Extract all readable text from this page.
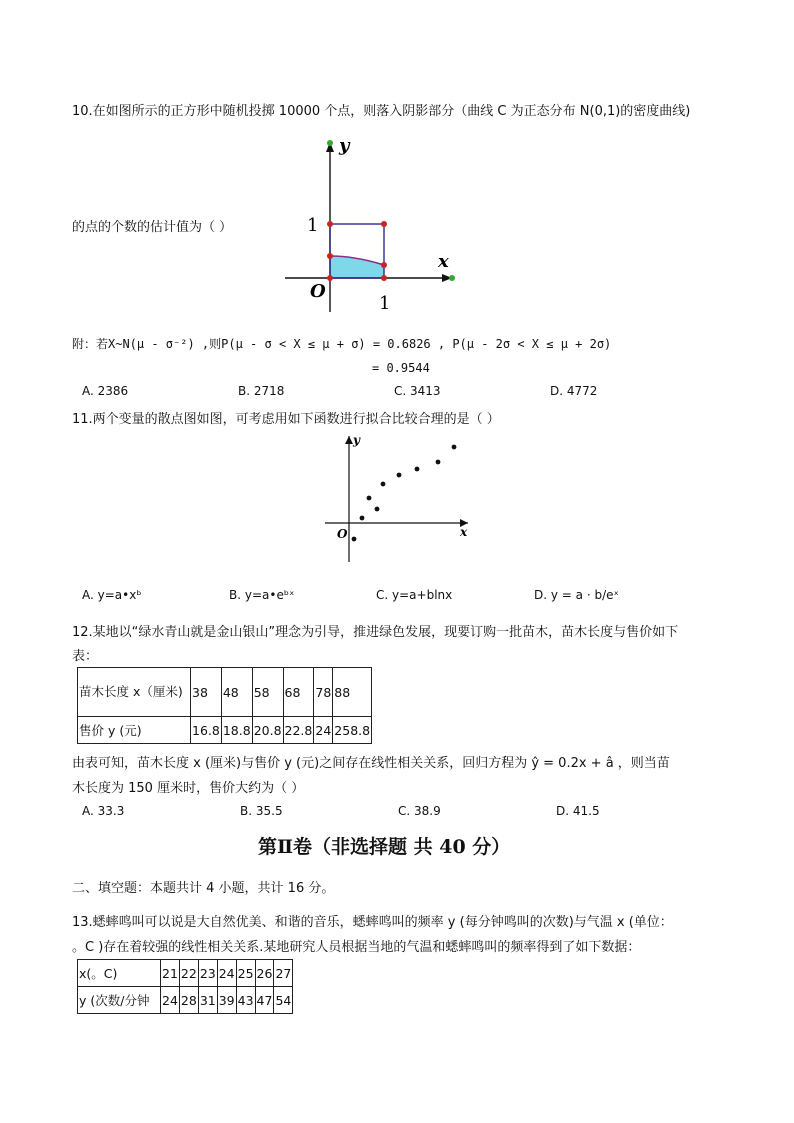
10.在如图所示的正方形中随机投掷 10000 个点，则落入阴影部分（曲线 C 为正态分布 N(0,1)的密度曲线)
y
x
O
1
1
的点的个数的估计值为（ ）
附：若X~N(μ - σ⁻²) ,则P(μ - σ < X ≤ μ + σ) = 0.6826 , P(μ - 2σ < X ≤ μ + 2σ)
= 0.9544
A. 2386	B. 2718	C. 3413	D. 4772
11.两个变量的散点图如图，可考虑用如下函数进行拟合比较合理的是（ ）
y
x
O
A. y=a•xᵇ	B. y=a•eᵇˣ	C. y=a+blnx	D. y = a · b/eˣ
12.某地以“绿水青山就是金山银山”理念为引导，推进绿色发展，现要订购一批苗木，苗木长度与售价如下
表：
苗木长度 x（厘米)	38	48	58	68	78	88
售价 y (元)	16.8	18.8	20.8	22.8	24	258.8
由表可知，苗木长度 x (厘米)与售价 y (元)之间存在线性相关关系，回归方程为 ŷ = 0.2x + â ，则当苗
木长度为 150 厘米时，售价大约为（ ）
A. 33.3	B. 35.5	C. 38.9	D. 41.5
第Ⅱ卷（非选择题 共 40 分）
二、填空题：本题共计 4 小题，共计 16 分。
13.蟋蟀鸣叫可以说是大自然优美、和谐的音乐，蟋蟀鸣叫的频率 y (每分钟鸣叫的次数)与气温 x (单位：
。C )存在着较强的线性相关关系.某地研究人员根据当地的气温和蟋蟀鸣叫的频率得到了如下数据：
x(。C)	21	22	23	24	25	26	27
y (次数/分钟	24	28	31	39	43	47	54
